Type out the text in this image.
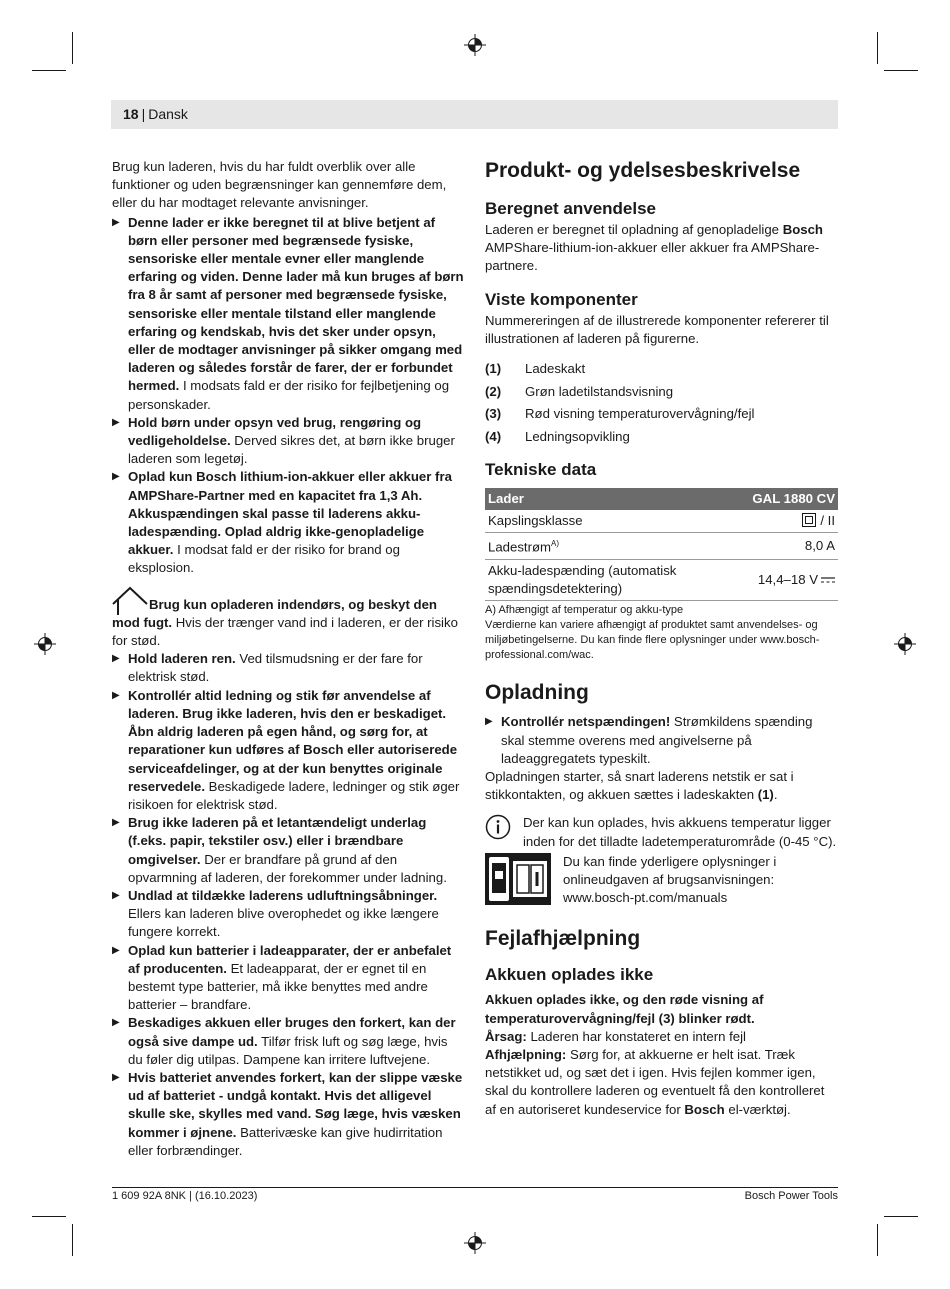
18 | Dansk

Brug kun laderen, hvis du har fuldt overblik over alle funktioner og uden begrænsninger kan gennemføre dem, eller du har modtaget relevante anvisninger.

▶ Denne lader er ikke beregnet til at blive betjent af børn eller personer med begrænsede fysiske, sensoriske eller mentale evner eller manglende erfaring og viden. Denne lader må kun bruges af børn fra 8 år samt af personer med begrænsede fysiske, sensoriske eller mentale tilstand eller manglende erfaring og kendskab, hvis det sker under opsyn, eller de modtager anvisninger på sikker omgang med laderen og således forstår de farer, der er forbundet hermed. I modsats fald er der risiko for fejlbetjening og personskader.

▶ Hold børn under opsyn ved brug, rengøring og vedligeholdelse. Derved sikres det, at børn ikke bruger laderen som legetøj.

▶ Oplad kun Bosch lithium-ion-akkuer eller akkuer fra AMPShare-Partner med en kapacitet fra 1,3 Ah. Akkuspændingen skal passe til laderens akku-ladespænding. Oplad aldrig ikke-genopladelige akkuer. I modsat fald er der risiko for brand og eksplosion.

Brug kun opladeren indendørs, og beskyt den mod fugt. Hvis der trænger vand ind i laderen, er der risiko for stød.

▶ Hold laderen ren. Ved tilsmudsning er der fare for elektrisk stød.

▶ Kontrollér altid ledning og stik før anvendelse af laderen. Brug ikke laderen, hvis den er beskadiget. Åbn aldrig laderen på egen hånd, og sørg for, at reparationer kun udføres af Bosch eller autoriserede serviceafdelinger, og at der kun benyttes originale reservedele. Beskadigede ladere, ledninger og stik øger risikoen for elektrisk stød.

▶ Brug ikke laderen på et letantændeligt underlag (f.eks. papir, tekstiler osv.) eller i brændbare omgivelser. Der er brandfare på grund af den opvarmning af laderen, der forekommer under ladning.

▶ Undlad at tildække laderens udluftningsåbninger. Ellers kan laderen blive overophedet og ikke længere fungere korrekt.

▶ Oplad kun batterier i ladeapparater, der er anbefalet af producenten. Et ladeapparat, der er egnet til en bestemt type batterier, må ikke benyttes med andre batterier – brandfare.

▶ Beskadiges akkuen eller bruges den forkert, kan der også sive dampe ud. Tilfør frisk luft og søg læge, hvis du føler dig utilpas. Dampene kan irritere luftvejene.

▶ Hvis batteriet anvendes forkert, kan der slippe væske ud af batteriet - undgå kontakt. Hvis det alligevel skulle ske, skylles med vand. Søg læge, hvis væsken kommer i øjnene. Batterivæske kan give hudirritation eller forbrændinger.

Produkt- og ydelsesbeskrivelse
Beregnet anvendelse

Laderen er beregnet til opladning af genopladelige Bosch AMPShare-lithium-ion-akkuer eller akkuer fra AMPShare-partnere.

Viste komponenter

Nummereringen af de illustrerede komponenter refererer til illustrationen af laderen på figurerne.

(1)	Ladeskakt
(2)	Grøn ladetilstandsvisning
(3)	Rød visning temperaturovervågning/fejl
(4)	Ledningsopvikling
Tekniske data
Lader	GAL 1880 CV
Kapslingsklasse	/ II
Ladestrøm$^{A)}$	8,0 A
Akku-ladespænding (automatisk spændingsdetektering)	14,4–18 V

A) Afhængigt af temperatur og akku-type

Værdierne kan variere afhængigt af produktet samt anvendelses- og miljøbetingelserne. Du kan finde flere oplysninger under www.bosch-professional.com/wac.

Opladning

▶ Kontrollér netspændingen! Strømkildens spænding skal stemme overens med angivelserne på ladeaggregatets typeskilt.

Opladningen starter, så snart laderens netstik er sat i stikkontakten, og akkuen sættes i ladeskakten (1).

Der kan kun oplades, hvis akkuens temperatur ligger inden for det tilladte ladetemperaturområde (0-45 °C).

Du kan finde yderligere oplysninger i onlineudgaven af brugsanvisningen: www.bosch-pt.com/manuals

Fejlafhjælpning
Akkuen oplades ikke

Akkuen oplades ikke, og den røde visning af temperaturovervågning/fejl (3) blinker rødt.

Årsag: Laderen har konstateret en intern fejl

Afhjælpning: Sørg for, at akkuerne er helt isat. Træk netstikket ud, og sæt det i igen. Hvis fejlen kommer igen, skal du kontrollere laderen og eventuelt få den kontrolleret af en autoriseret kundeservice for Bosch el-værktøj.

1 609 92A 8NK | (16.10.2023)	Bosch Power Tools
